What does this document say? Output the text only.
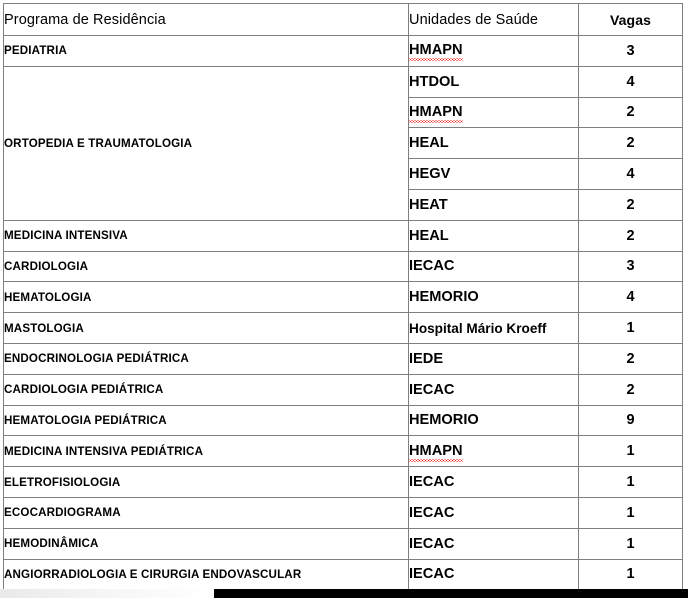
Programa de Residência	Unidades de Saúde	Vagas
PEDIATRIA	HMAPN	3
ORTOPEDIA E TRAUMATOLOGIA	HTDOL	4
	HMAPN	2
	HEAL	2
	HEGV	4
	HEAT	2
MEDICINA INTENSIVA	HEAL	2
CARDIOLOGIA	IECAC	3
HEMATOLOGIA	HEMORIO	4
MASTOLOGIA	Hospital Mário Kroeff	1
ENDOCRINOLOGIA PEDIÁTRICA	IEDE	2
CARDIOLOGIA PEDIÁTRICA	IECAC	2
HEMATOLOGIA PEDIÁTRICA	HEMORIO	9
MEDICINA INTENSIVA PEDIÁTRICA	HMAPN	1
ELETROFISIOLOGIA	IECAC	1
ECOCARDIOGRAMA	IECAC	1
HEMODINÂMICA	IECAC	1
ANGIORRADIOLOGIA E CIRURGIA ENDOVASCULAR	IECAC	1
